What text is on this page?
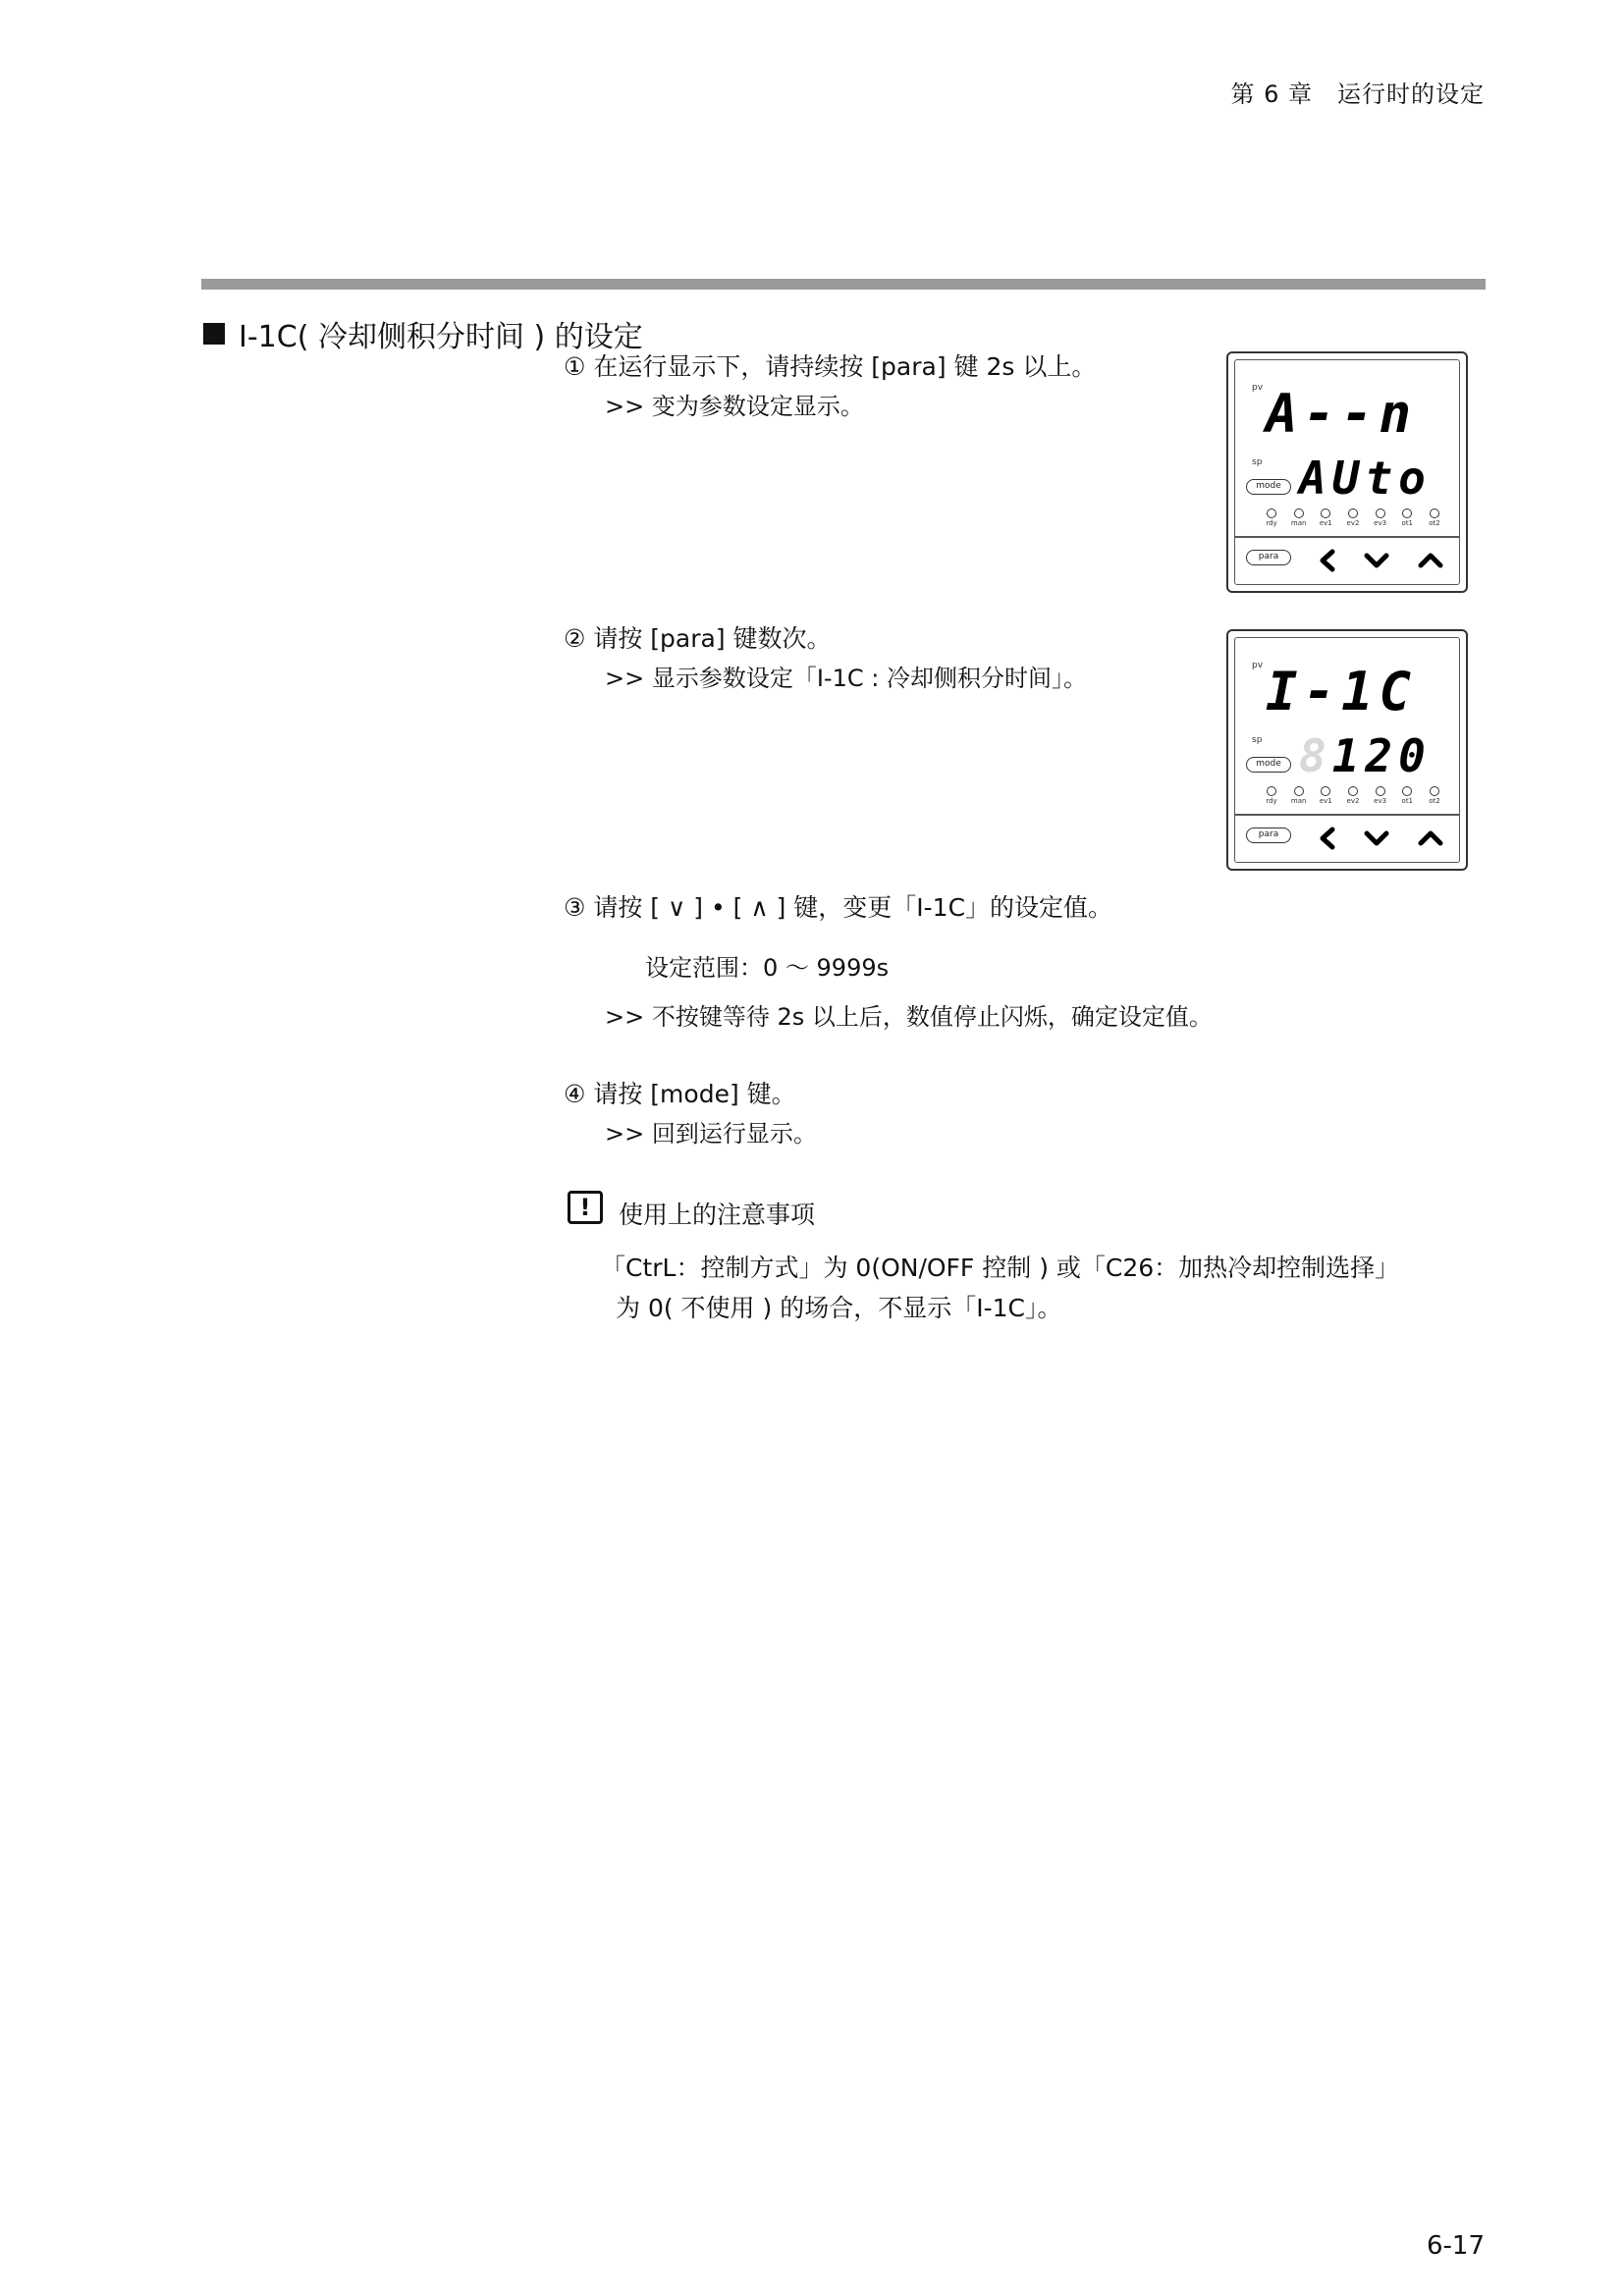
第 6 章　运行时的设定
I-1C( 冷却侧积分时间 ) 的设定
① 在运行显示下，请持续按 [para] 键 2s 以上。
>> 变为参数设定显示。
pv A--n
sp
mode AUto
rdy	man	ev1	ev2	ev3	ot1	ot2
para
② 请按 [para] 键数次。
>> 显示参数设定「I-1C : 冷却侧积分时间」。	pv I-1C
sp
mode 8120
rdy	man	ev1	ev2	ev3	ot1	ot2
para
③ 请按 [ ∨ ] • [ ∧ ] 键，变更「I-1C」的设定值。
设定范围：0 ～ 9999s
>> 不按键等待 2s 以上后，数值停止闪烁，确定设定值。
④ 请按 [mode] 键。
>> 回到运行显示。
!	使用上的注意事项
「CtrL：控制方式」为 0(ON/OFF 控制 ) 或「C26：加热冷却控制选择」
为 0( 不使用 ) 的场合，不显示「I-1C」。
6-17
